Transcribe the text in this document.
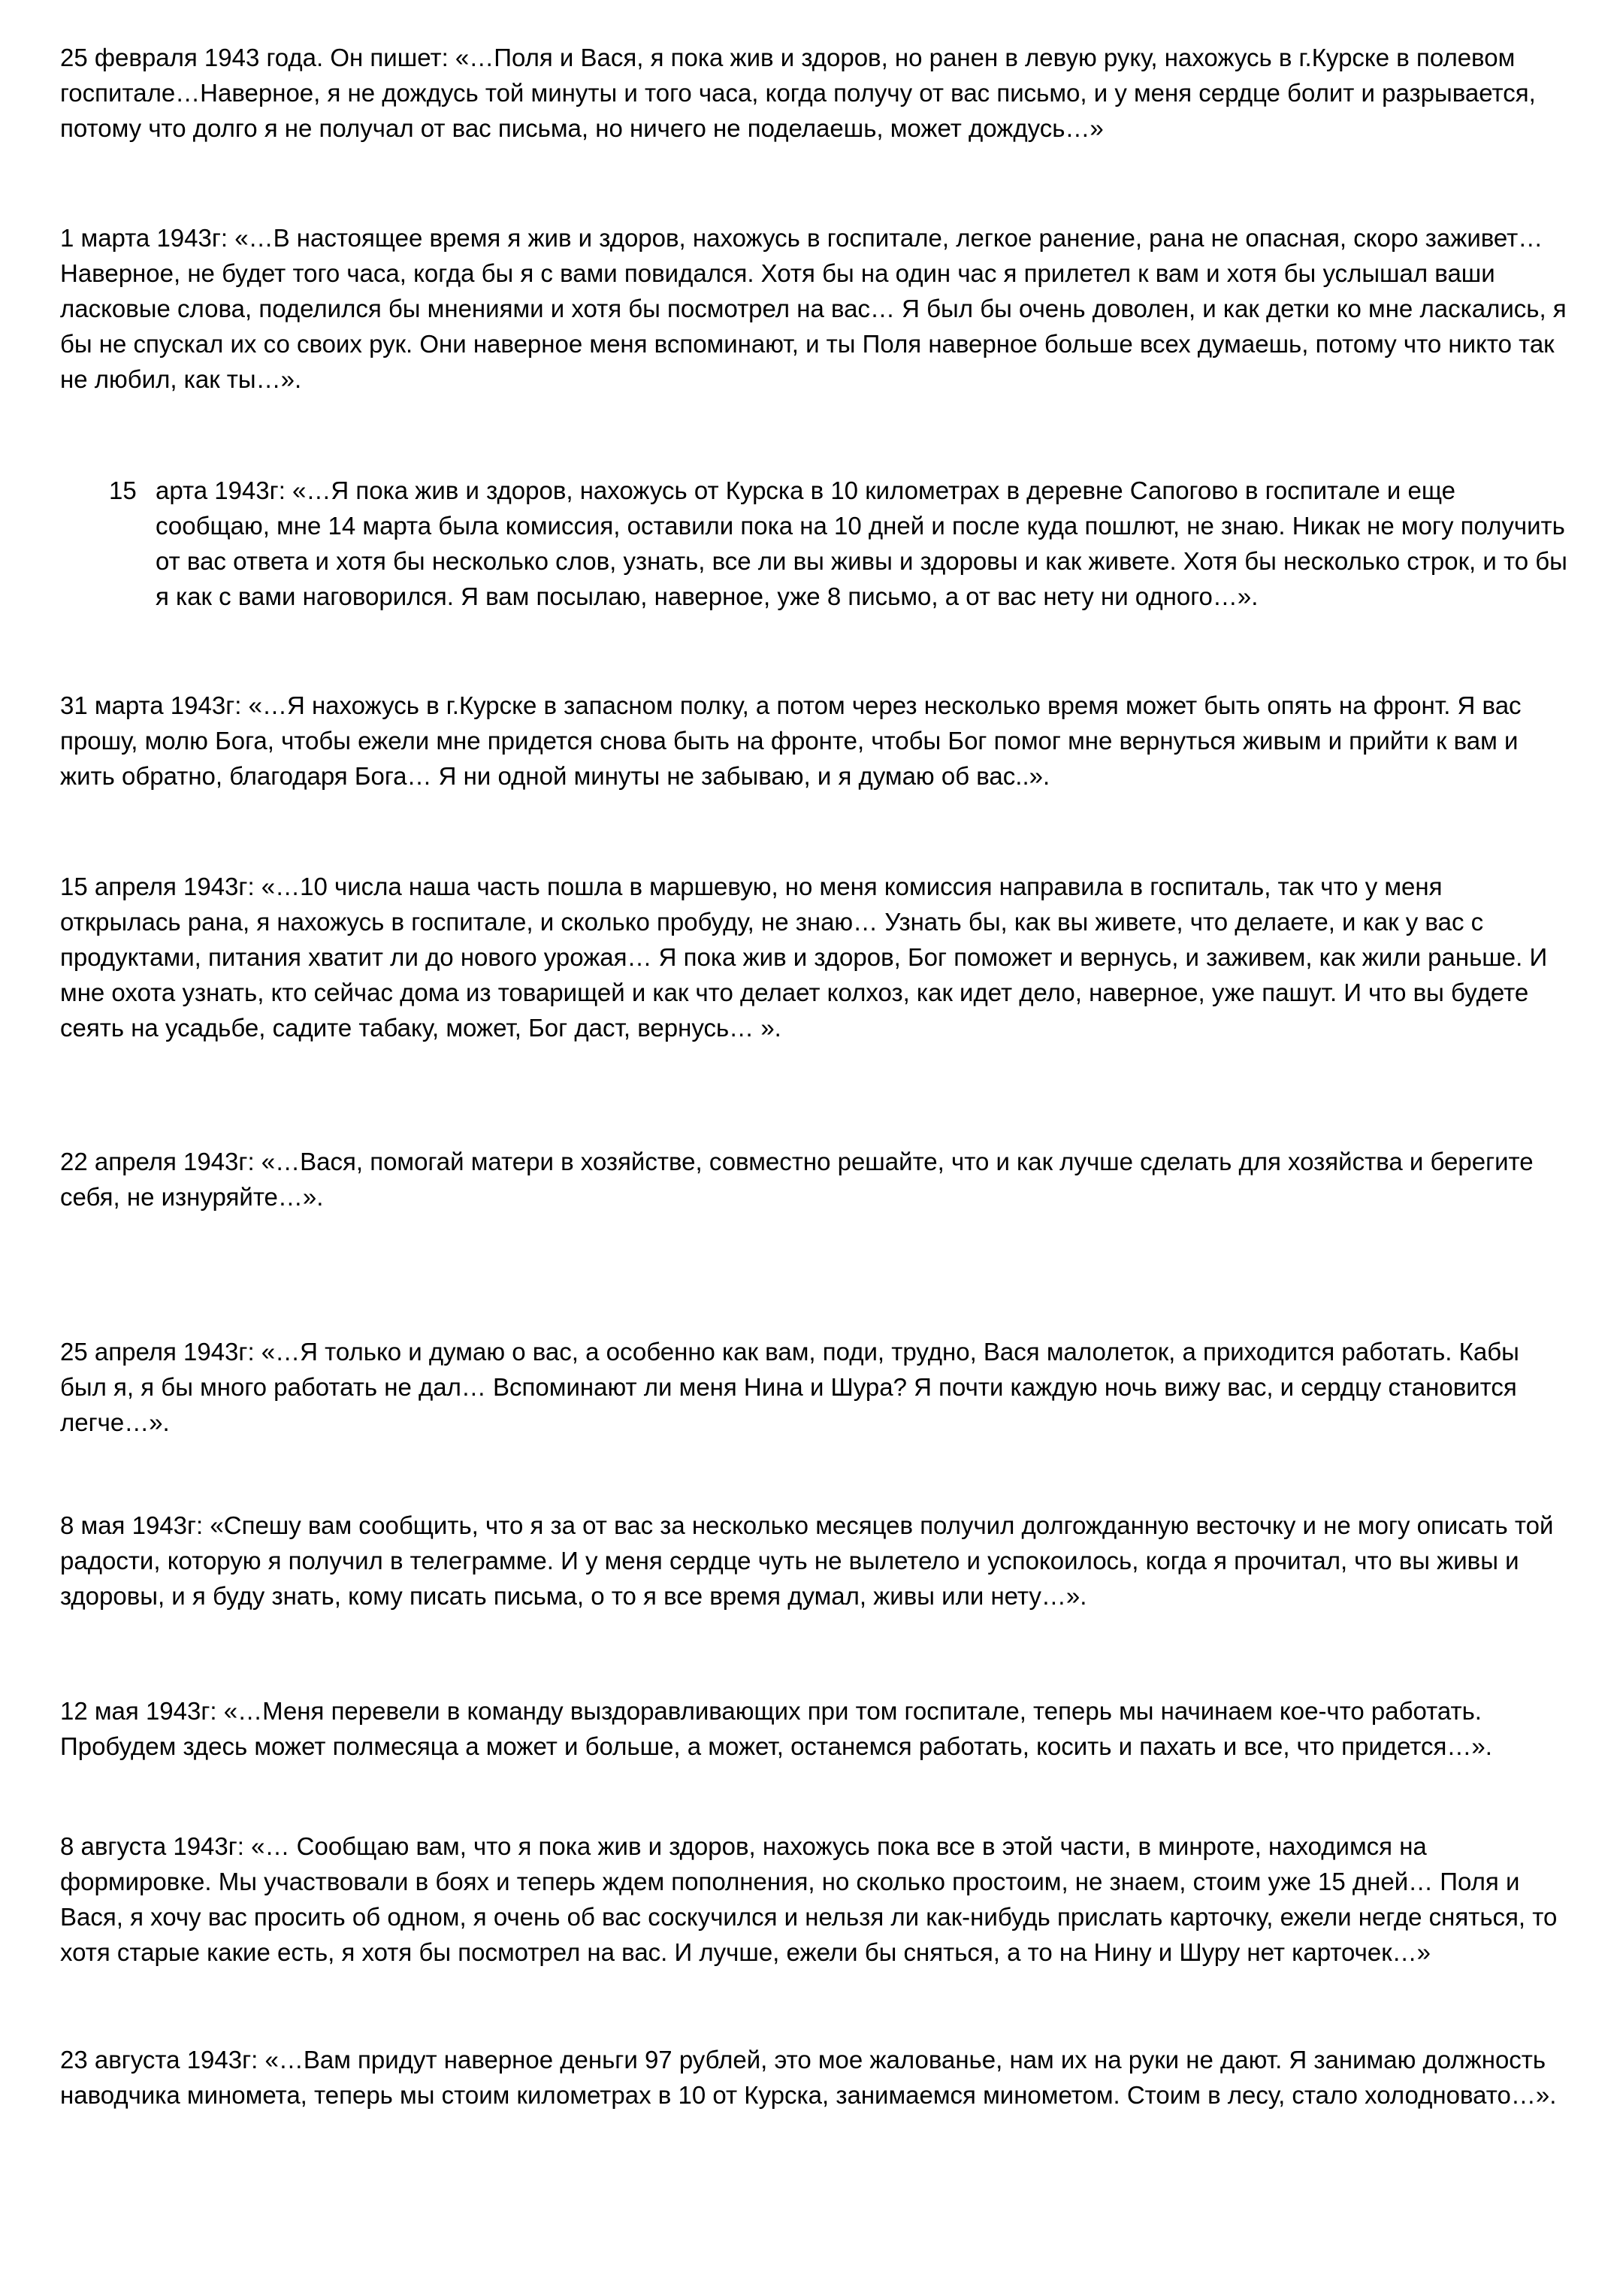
25 февраля 1943 года. Он пишет: «…Поля и Вася, я пока жив и здоров, но ранен в левую руку, нахожусь в г.Курске в полевом госпитале…Наверное, я не дождусь той минуты и того часа, когда получу от вас письмо, и у меня сердце болит и разрывается, потому что долго я не получал от вас письма, но ничего не поделаешь, может дождусь…»

1 марта 1943г: «…В настоящее время я жив и здоров, нахожусь в госпитале, легкое ранение, рана не опасная, скоро заживет… Наверное, не будет того часа, когда бы я с вами повидался. Хотя бы на один час я прилетел к вам и хотя бы услышал ваши ласковые слова, поделился бы мнениями и хотя бы посмотрел на вас… Я был бы очень доволен, и как детки ко мне ласкались, я бы не спускал их со своих рук. Они наверное меня вспоминают, и ты Поля наверное больше всех думаешь, потому что никто так не любил, как ты…».

15 арта 1943г: «…Я пока жив и здоров, нахожусь от Курска в 10 километрах в деревне Сапогово в госпитале и еще сообщаю, мне 14 марта была комиссия, оставили пока на 10 дней и после куда пошлют, не знаю. Никак не могу получить от вас ответа и хотя бы несколько слов, узнать, все ли вы живы и здоровы и как живете. Хотя бы несколько строк, и то бы я как с вами наговорился. Я вам посылаю, наверное, уже 8 письмо, а от вас нету ни одного…».

31 марта 1943г: «…Я нахожусь в г.Курске в запасном полку, а потом через несколько время может быть опять на фронт. Я вас прошу, молю Бога, чтобы ежели мне придется снова быть на фронте, чтобы Бог помог мне вернуться живым и прийти к вам и жить обратно, благодаря Бога… Я ни одной минуты не забываю, и я думаю об вас..».

15 апреля 1943г: «…10 числа наша часть пошла в маршевую, но меня комиссия направила в госпиталь, так что у меня открылась рана, я нахожусь в госпитале, и сколько пробуду, не знаю… Узнать бы, как вы живете, что делаете, и как у вас с продуктами, питания хватит ли до нового урожая… Я пока жив и здоров, Бог поможет и вернусь, и заживем, как жили раньше. И мне охота узнать, кто сейчас дома из товарищей и как что делает колхоз, как идет дело, наверное, уже пашут. И что вы будете сеять на усадьбе, садите табаку, может, Бог даст, вернусь… ».

22 апреля 1943г: «…Вася, помогай матери в хозяйстве, совместно решайте, что и как лучше сделать для хозяйства и берегите себя, не изнуряйте…».

25 апреля 1943г: «…Я только и думаю о вас, а особенно как вам, поди, трудно, Вася малолеток, а приходится работать. Кабы был я, я бы много работать не дал… Вспоминают ли меня Нина и Шура? Я почти каждую ночь вижу вас, и сердцу становится легче…».

8 мая 1943г: «Спешу вам сообщить, что я за от вас за несколько месяцев получил долгожданную весточку и не могу описать той радости, которую я получил в телеграмме. И у меня сердце чуть не вылетело и успокоилось, когда я прочитал, что вы живы и здоровы, и я буду знать, кому писать письма, о то я все время думал, живы или нету…».

12 мая 1943г: «…Меня перевели в команду выздоравливающих при том госпитале, теперь мы начинаем кое-что работать. Пробудем здесь может полмесяца а может и больше, а может, останемся работать, косить и пахать и все, что придется…».

8 августа 1943г: «… Сообщаю вам, что я пока жив и здоров, нахожусь пока все в этой части, в минроте, находимся на формировке. Мы участвовали в боях и теперь ждем пополнения, но сколько простоим, не знаем, стоим уже 15 дней… Поля и Вася, я хочу вас просить об одном, я очень об вас соскучился и нельзя ли как-нибудь прислать карточку, ежели негде сняться, то хотя старые какие есть, я хотя бы посмотрел на вас. И лучше, ежели бы сняться, а то на Нину и Шуру нет карточек…»

23 августа 1943г: «…Вам придут наверное деньги 97 рублей, это мое жалованье, нам их на руки не дают. Я занимаю должность наводчика миномета, теперь мы стоим километрах в 10 от Курска, занимаемся минометом. Стоим в лесу, стало холодновато…».
